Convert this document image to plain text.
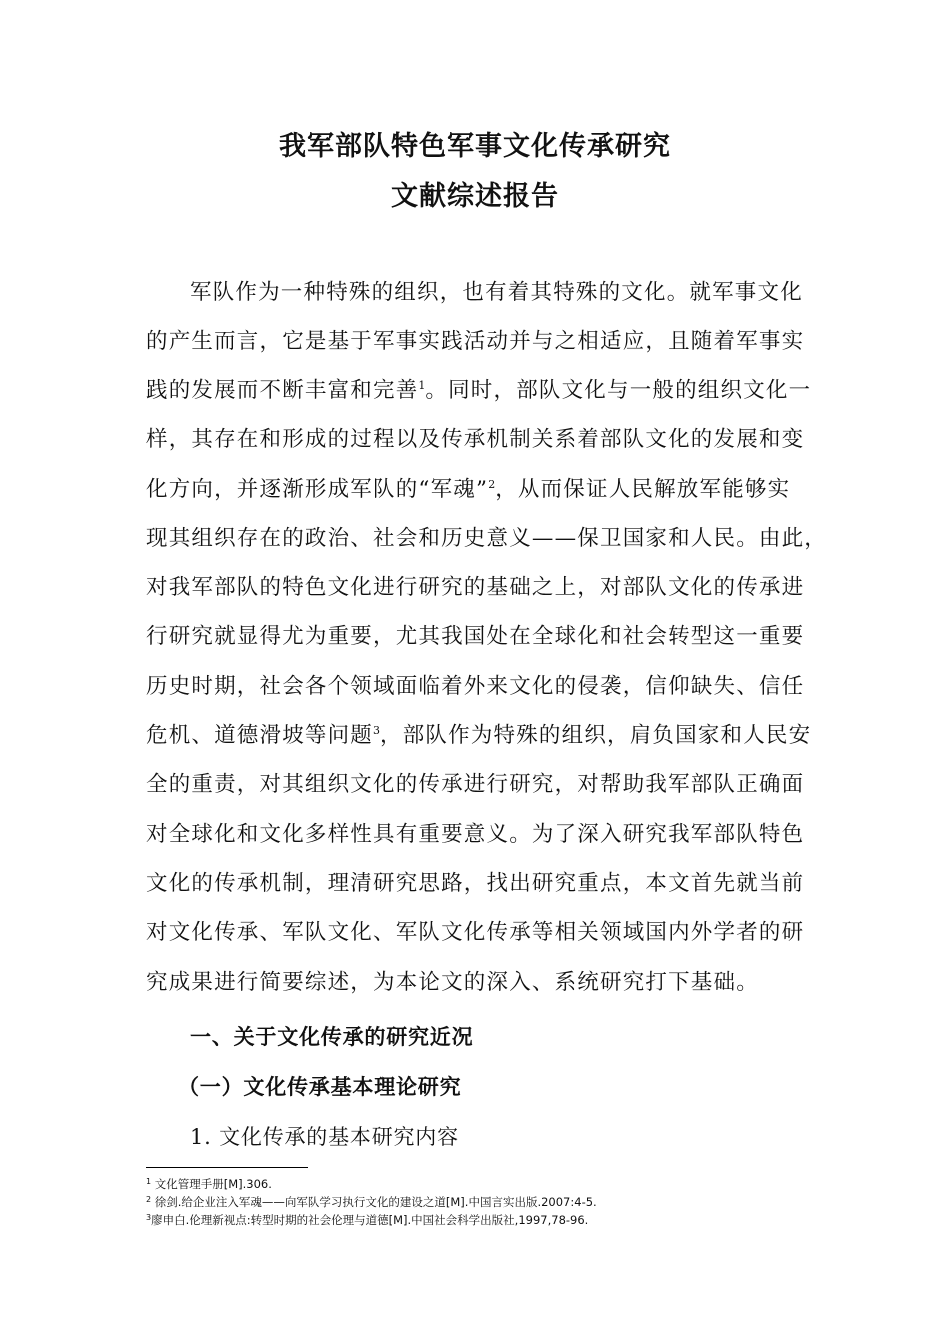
我军部队特色军事文化传承研究
文献综述报告
军队作为一种特殊的组织，也有着其特殊的文化。就军事文化
的产生而言，它是基于军事实践活动并与之相适应，且随着军事实
践的发展而不断丰富和完善$^1$。同时，部队文化与一般的组织文化一
样，其存在和形成的过程以及传承机制关系着部队文化的发展和变
化方向，并逐渐形成军队的“军魂”$^2$，从而保证人民解放军能够实
现其组织存在的政治、社会和历史意义——保卫国家和人民。由此，
对我军部队的特色文化进行研究的基础之上，对部队文化的传承进
行研究就显得尤为重要，尤其我国处在全球化和社会转型这一重要
历史时期，社会各个领域面临着外来文化的侵袭，信仰缺失、信任
危机、道德滑坡等问题$^3$，部队作为特殊的组织，肩负国家和人民安
全的重责，对其组织文化的传承进行研究，对帮助我军部队正确面
对全球化和文化多样性具有重要意义。为了深入研究我军部队特色
文化的传承机制，理清研究思路，找出研究重点，本文首先就当前
对文化传承、军队文化、军队文化传承等相关领域国内外学者的研
究成果进行简要综述，为本论文的深入、系统研究打下基础。
一、关于文化传承的研究近况
（一）文化传承基本理论研究
1. 文化传承的基本研究内容
$^1$ 文化管理手册[M].306.
$^2$ 徐剑.给企业注入军魂——向军队学习执行文化的建设之道[M].中国言实出版.2007:4-5.
$^3$廖申白.伦理新视点:转型时期的社会伦理与道德[M].中国社会科学出版社,1997,78-96.
